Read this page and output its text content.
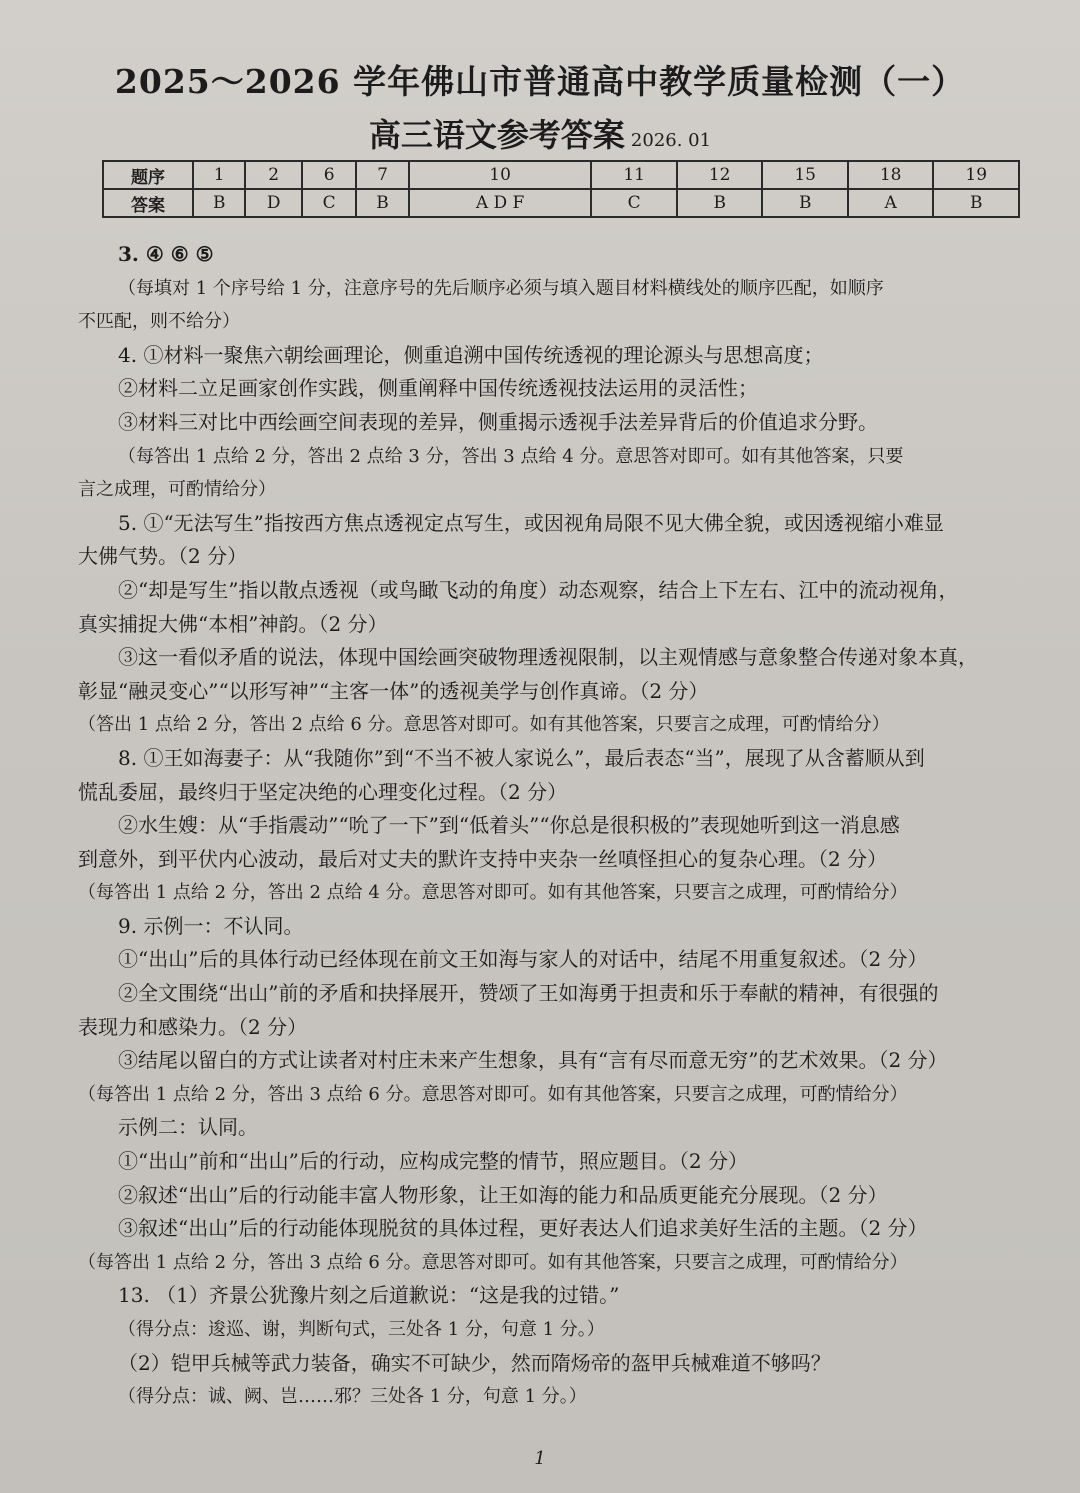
2025～2026 学年佛山市普通高中教学质量检测（一）
高三语文参考答案 2026. 01
题序	1	2	6	7	10	11	12	15	18	19
答案	B	D	C	B	A D F	C	B	B	A	B
3. ④ ⑥ ⑤
（每填对 1 个序号给 1 分，注意序号的先后顺序必须与填入题目材料横线处的顺序匹配，如顺序
不匹配，则不给分）
4. ①材料一聚焦六朝绘画理论，侧重追溯中国传统透视的理论源头与思想高度；
②材料二立足画家创作实践，侧重阐释中国传统透视技法运用的灵活性；
③材料三对比中西绘画空间表现的差异，侧重揭示透视手法差异背后的价值追求分野。
（每答出 1 点给 2 分，答出 2 点给 3 分，答出 3 点给 4 分。意思答对即可。如有其他答案，只要
言之成理，可酌情给分）
5. ①“无法写生”指按西方焦点透视定点写生，或因视角局限不见大佛全貌，或因透视缩小难显
大佛气势。（2 分）
②“却是写生”指以散点透视（或鸟瞰飞动的角度）动态观察，结合上下左右、江中的流动视角，
真实捕捉大佛“本相”神韵。（2 分）
③这一看似矛盾的说法，体现中国绘画突破物理透视限制，以主观情感与意象整合传递对象本真，
彰显“融灵变心”“以形写神”“主客一体”的透视美学与创作真谛。（2 分）
（答出 1 点给 2 分，答出 2 点给 6 分。意思答对即可。如有其他答案，只要言之成理，可酌情给分）
8. ①王如海妻子：从“我随你”到“不当不被人家说么”，最后表态“当”，展现了从含蓄顺从到
慌乱委屈，最终归于坚定决绝的心理变化过程。（2 分）
②水生嫂：从“手指震动”“吮了一下”到“低着头”“你总是很积极的”表现她听到这一消息感
到意外，到平伏内心波动，最后对丈夫的默许支持中夹杂一丝嗔怪担心的复杂心理。（2 分）
（每答出 1 点给 2 分，答出 2 点给 4 分。意思答对即可。如有其他答案，只要言之成理，可酌情给分）
9. 示例一：不认同。
①“出山”后的具体行动已经体现在前文王如海与家人的对话中，结尾不用重复叙述。（2 分）
②全文围绕“出山”前的矛盾和抉择展开，赞颂了王如海勇于担责和乐于奉献的精神，有很强的
表现力和感染力。（2 分）
③结尾以留白的方式让读者对村庄未来产生想象，具有“言有尽而意无穷”的艺术效果。（2 分）
（每答出 1 点给 2 分，答出 3 点给 6 分。意思答对即可。如有其他答案，只要言之成理，可酌情给分）
示例二：认同。
①“出山”前和“出山”后的行动，应构成完整的情节，照应题目。（2 分）
②叙述“出山”后的行动能丰富人物形象，让王如海的能力和品质更能充分展现。（2 分）
③叙述“出山”后的行动能体现脱贫的具体过程，更好表达人们追求美好生活的主题。（2 分）
（每答出 1 点给 2 分，答出 3 点给 6 分。意思答对即可。如有其他答案，只要言之成理，可酌情给分）
13. （1）齐景公犹豫片刻之后道歉说：“这是我的过错。”
（得分点：逡巡、谢，判断句式，三处各 1 分，句意 1 分。）
（2）铠甲兵械等武力装备，确实不可缺少，然而隋炀帝的盔甲兵械难道不够吗？
（得分点：诚、阙、岂……邪？三处各 1 分，句意 1 分。）
1
